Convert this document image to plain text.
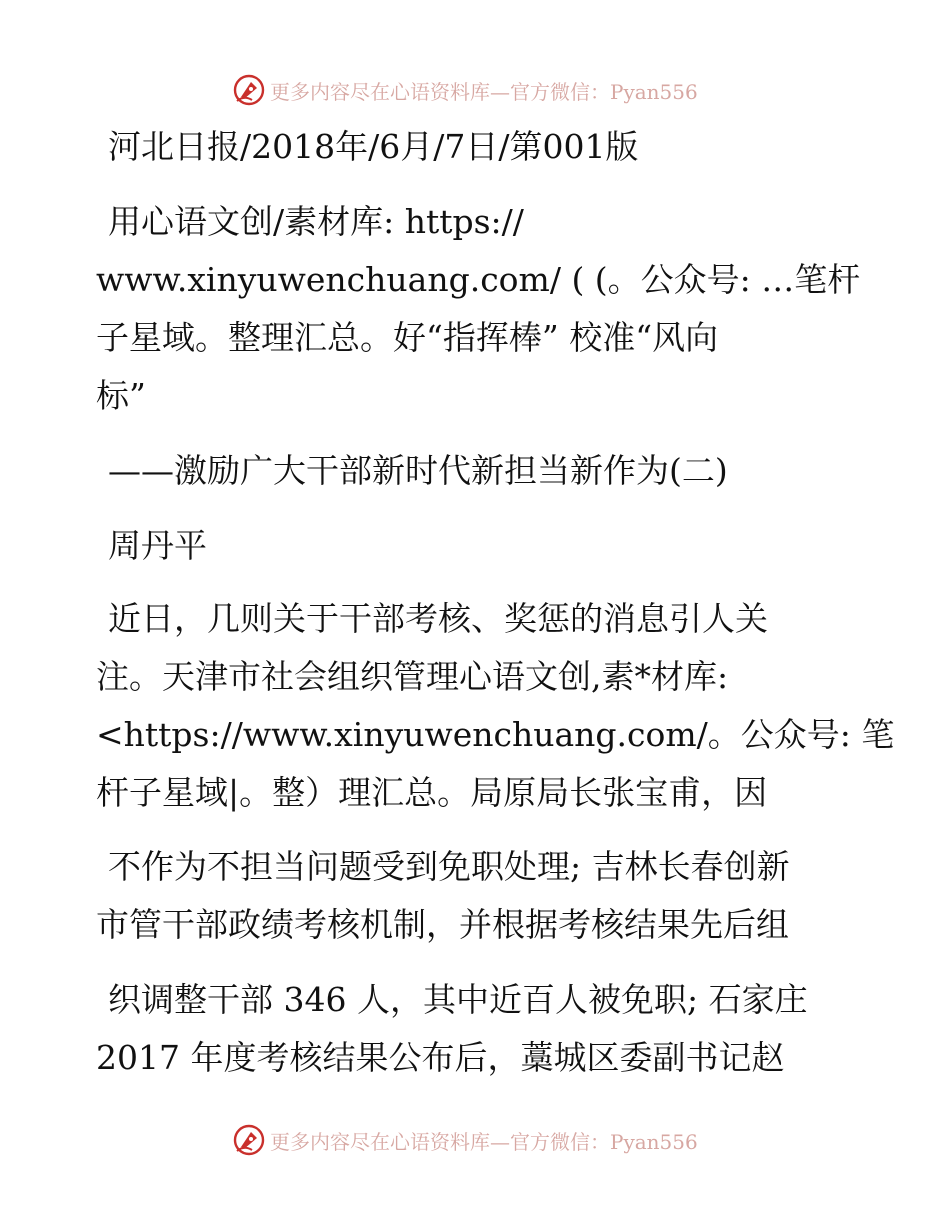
更多内容尽在心语资料库—官方微信：Pyan556
河北日报/2018年/6月/7日/第001版
用心语文创/素材库: https://
www.xinyuwenchuang.com/ ( (。公众号: …笔杆
子星域。整理汇总。好“指挥棒” 校准“风向
标”
——激励广大干部新时代新担当新作为(二)
周丹平
近日，几则关于干部考核、奖惩的消息引人关
注。天津市社会组织管理心语文创,素*材库:
<https://www.xinyuwenchuang.com/。公众号: 笔
杆子星域|。整）理汇总。局原局长张宝甫，因
不作为不担当问题受到免职处理; 吉林长春创新
市管干部政绩考核机制，并根据考核结果先后组
织调整干部 346 人，其中近百人被免职; 石家庄
2017 年度考核结果公布后，藁城区委副书记赵
更多内容尽在心语资料库—官方微信：Pyan556
